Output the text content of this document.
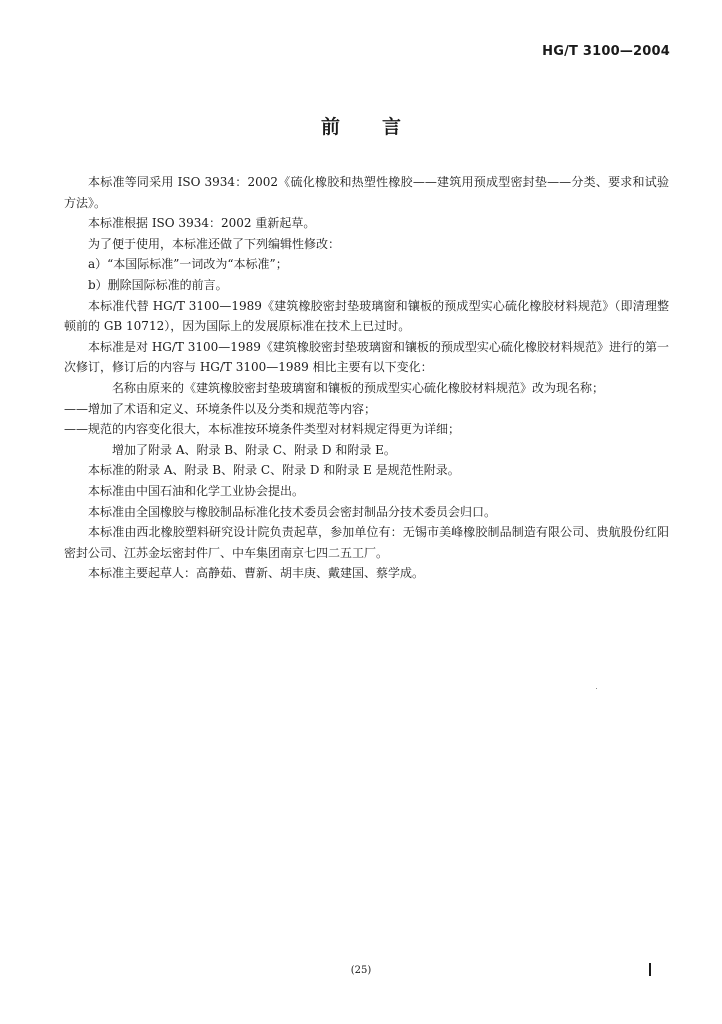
HG/T 3100—2004
前言

本标准等同采用 ISO 3934：2002《硫化橡胶和热塑性橡胶——建筑用预成型密封垫——分类、要求和试验方法》。

本标准根据 ISO 3934：2002 重新起草。

为了便于使用，本标准还做了下列编辑性修改：

a）“本国际标准”一词改为“本标准”；

b）删除国际标准的前言。

本标准代替 HG/T 3100—1989《建筑橡胶密封垫玻璃窗和镶板的预成型实心硫化橡胶材料规范》（即清理整顿前的 GB 10712），因为国际上的发展原标准在技术上已过时。

本标准是对 HG/T 3100—1989《建筑橡胶密封垫玻璃窗和镶板的预成型实心硫化橡胶材料规范》进行的第一次修订，修订后的内容与 HG/T 3100—1989 相比主要有以下变化：

名称由原来的《建筑橡胶密封垫玻璃窗和镶板的预成型实心硫化橡胶材料规范》改为现名称；

——增加了术语和定义、环境条件以及分类和规范等内容；

——规范的内容变化很大，本标准按环境条件类型对材料规定得更为详细；

增加了附录 A、附录 B、附录 C、附录 D 和附录 E。

本标准的附录 A、附录 B、附录 C、附录 D 和附录 E 是规范性附录。

本标准由中国石油和化学工业协会提出。

本标准由全国橡胶与橡胶制品标准化技术委员会密封制品分技术委员会归口。

本标准由西北橡胶塑料研究设计院负责起草，参加单位有：无锡市美峰橡胶制品制造有限公司、贵航股份红阳密封公司、江苏金坛密封件厂、中车集团南京七四二五工厂。

本标准主要起草人：高静茹、曹新、胡丰庚、戴建国、蔡学成。

(25)
